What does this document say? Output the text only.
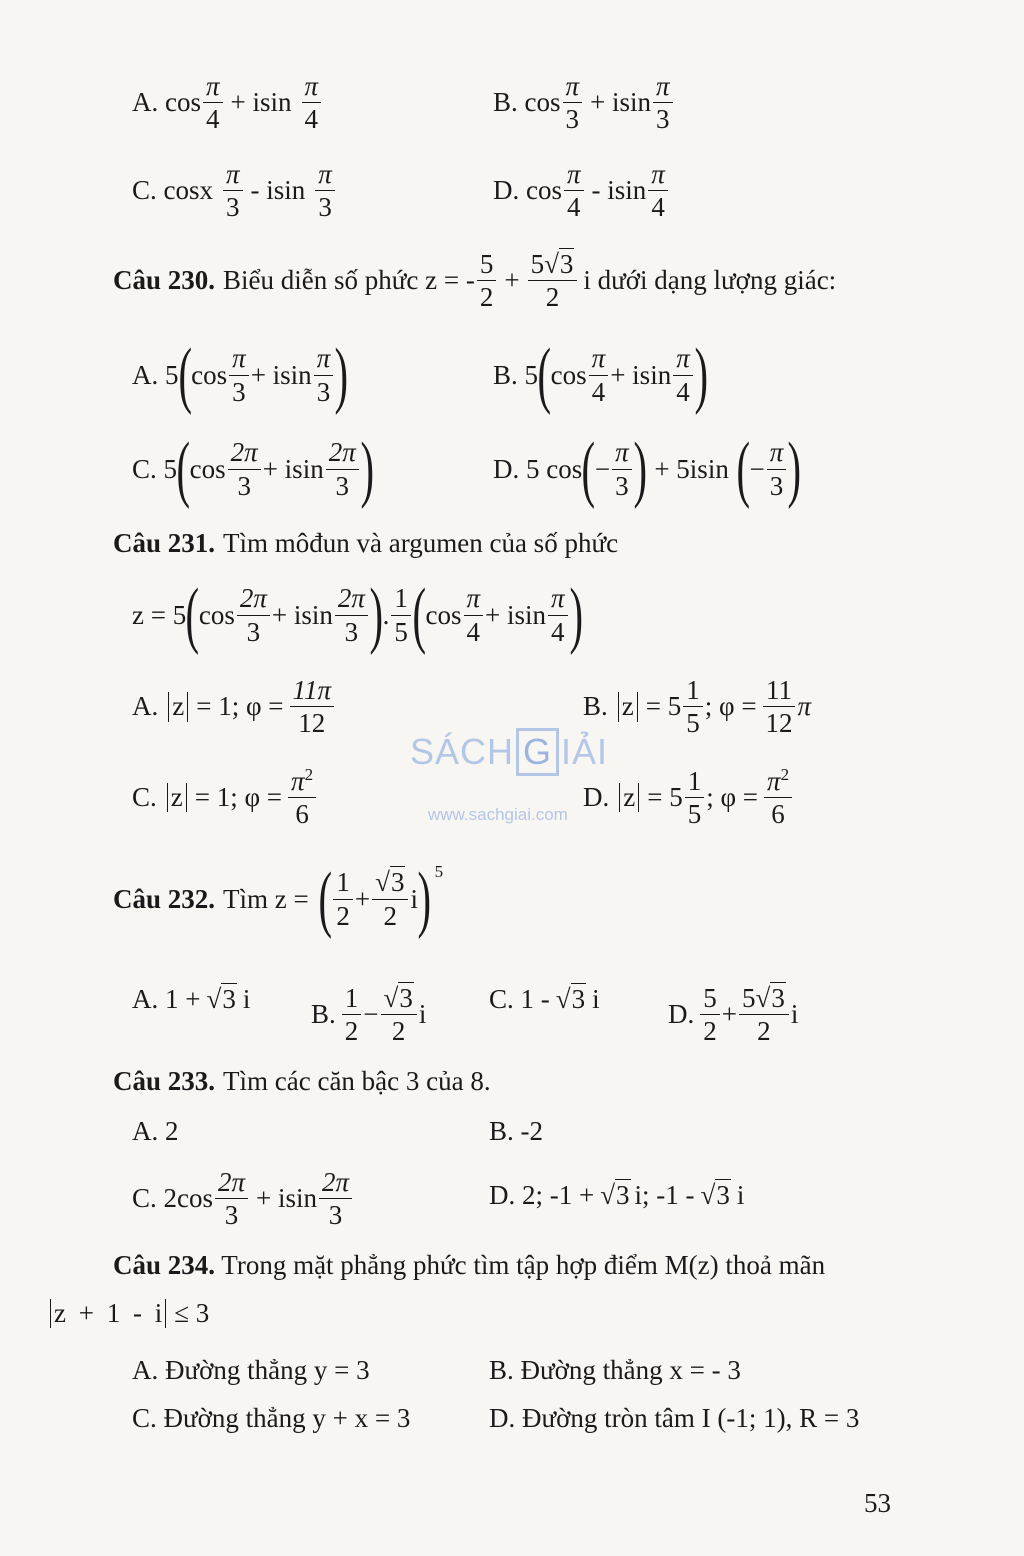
A. $\cos \frac{\pi}{4} + isin \frac{\pi}{4}$	B. $\cos \frac{\pi}{3} + isin \frac{\pi}{3}$
C. cosx $\frac{\pi}{3}$ - isin $\frac{\pi}{3}$	D. $\cos \frac{\pi}{4}$ - isin $\frac{\pi}{4}$
Câu 230. Biểu diễn số phức z = - $\frac{5}{2} + \frac{5√3}{2}$ i dưới dạng lượng giác:
A. 5 ( $\cos \frac{\pi}{3} + isin \frac{\pi}{3}$ )	B. 5 ( $\cos \frac{\pi}{4} + isin \frac{\pi}{4}$ )
C. 5 ( $\cos \frac{2\pi}{3} + isin \frac{2\pi}{3}$ )	D. 5 cos ( − $\frac{\pi}{3}$ ) + 5isin ( − $\frac{\pi}{3}$ )
Câu 231. Tìm môđun và argumen của số phức
z = 5 ( $\cos \frac{2\pi}{3} + isin \frac{2\pi}{3}$ ) . $\frac{1}{5}$ ( $\cos \frac{\pi}{4} + isin \frac{\pi}{4}$ )
A. z = 1; $\varphi = \frac{11\pi}{12}$	B. $z = 5 \frac{1}{5}$ ; $\varphi = \frac{11}{12}$ π
C. z = 1; $\varphi = \frac{\pi^2}{6}$	D. $z = 5 \frac{1}{5}$ ; $\varphi = \frac{\pi^2}{6}$
SÁCH G IẢI
www.sachgiai.com
Câu 232. Tìm z = ( $\frac{1}{2} + \frac{√3}{2}$ i )$^5$
A. 1 + √3 i
B. $\frac{1}{2} - \frac{√3}{2}$ i
C. 1 - √3 i
D. $\frac{5}{2} + \frac{5√3}{2}$ i
Câu 233. Tìm các căn bậc 3 của 8.
A. 2	B. -2
C. $2\cos \frac{2\pi}{3} + isin \frac{2\pi}{3}$	D. 2; -1 + √3 i; -1 - √3 i
Câu 234. Trong mặt phẳng phức tìm tập hợp điểm M(z) thoả mãn
z + 1 - i ≤ 3
A. Đường thẳng y = 3	B. Đường thẳng x = - 3
C. Đường thẳng y + x = 3	D. Đường tròn tâm I (-1; 1), R = 3
53
